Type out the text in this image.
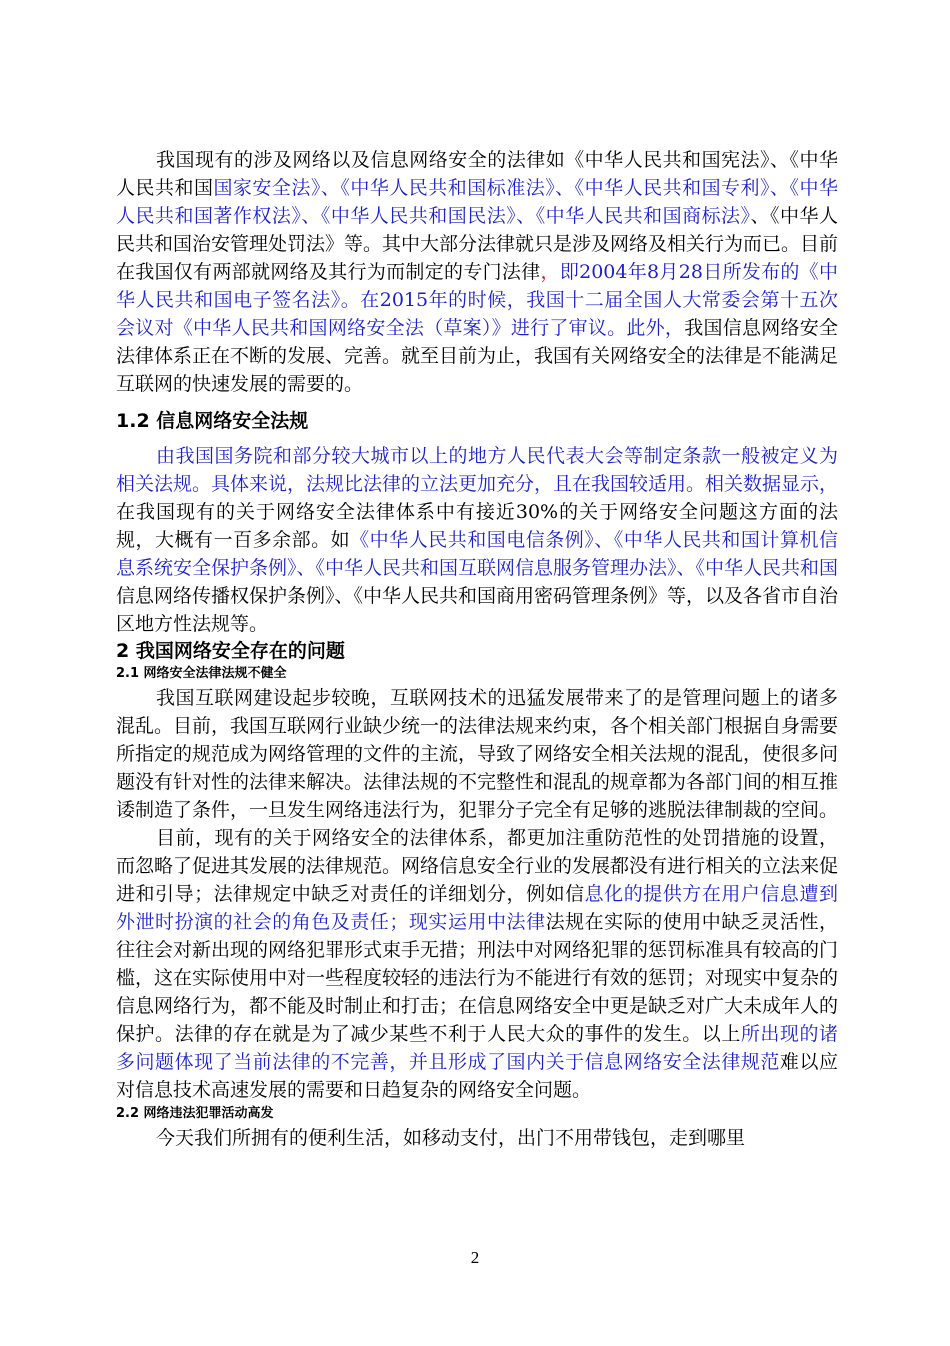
我国现有的涉及网络以及信息网络安全的法律如《中华人民共和国宪法》、《中华人民共和国国家安全法》、《中华人民共和国标准法》、《中华人民共和国专利》、《中华人民共和国著作权法》、《中华人民共和国民法》、《中华人民共和国商标法》、《中华人民共和国治安管理处罚法》等。其中大部分法律就只是涉及网络及相关行为而已。目前在我国仅有两部就网络及其行为而制定的专门法律，即2004年8月28日所发布的《中华人民共和国电子签名法》。在2015年的时候，我国十二届全国人大常委会第十五次会议对《中华人民共和国网络安全法（草案）》进行了审议。此外，我国信息网络安全法律体系正在不断的发展、完善。就至目前为止，我国有关网络安全的法律是不能满足互联网的快速发展的需要的。

1.2 信息网络安全法规

由我国国务院和部分较大城市以上的地方人民代表大会等制定条款一般被定义为相关法规。具体来说，法规比法律的立法更加充分，且在我国较适用。相关数据显示，在我国现有的关于网络安全法律体系中有接近30%的关于网络安全问题这方面的法规，大概有一百多余部。如《中华人民共和国电信条例》、《中华人民共和国计算机信息系统安全保护条例》、《中华人民共和国互联网信息服务管理办法》、《中华人民共和国信息网络传播权保护条例》、《中华人民共和国商用密码管理条例》等，以及各省市自治区地方性法规等。

2 我国网络安全存在的问题
2.1 网络安全法律法规不健全

我国互联网建设起步较晚，互联网技术的迅猛发展带来了的是管理问题上的诸多混乱。目前，我国互联网行业缺少统一的法律法规来约束，各个相关部门根据自身需要所指定的规范成为网络管理的文件的主流，导致了网络安全相关法规的混乱，使很多问题没有针对性的法律来解决。法律法规的不完整性和混乱的规章都为各部门间的相互推诿制造了条件，一旦发生网络违法行为，犯罪分子完全有足够的逃脱法律制裁的空间。

目前，现有的关于网络安全的法律体系，都更加注重防范性的处罚措施的设置，而忽略了促进其发展的法律规范。网络信息安全行业的发展都没有进行相关的立法来促进和引导；法律规定中缺乏对责任的详细划分，例如信息化的提供方在用户信息遭到外泄时扮演的社会的角色及责任；现实运用中法律法规在实际的使用中缺乏灵活性，往往会对新出现的网络犯罪形式束手无措；刑法中对网络犯罪的惩罚标准具有较高的门槛，这在实际使用中对一些程度较轻的违法行为不能进行有效的惩罚；对现实中复杂的信息网络行为，都不能及时制止和打击；在信息网络安全中更是缺乏对广大未成年人的保护。法律的存在就是为了减少某些不利于人民大众的事件的发生。以上所出现的诸多问题体现了当前法律的不完善，并且形成了国内关于信息网络安全法律规范难以应对信息技术高速发展的需要和日趋复杂的网络安全问题。

2.2 网络违法犯罪活动高发

今天我们所拥有的便利生活，如移动支付，出门不用带钱包，走到哪里

2
